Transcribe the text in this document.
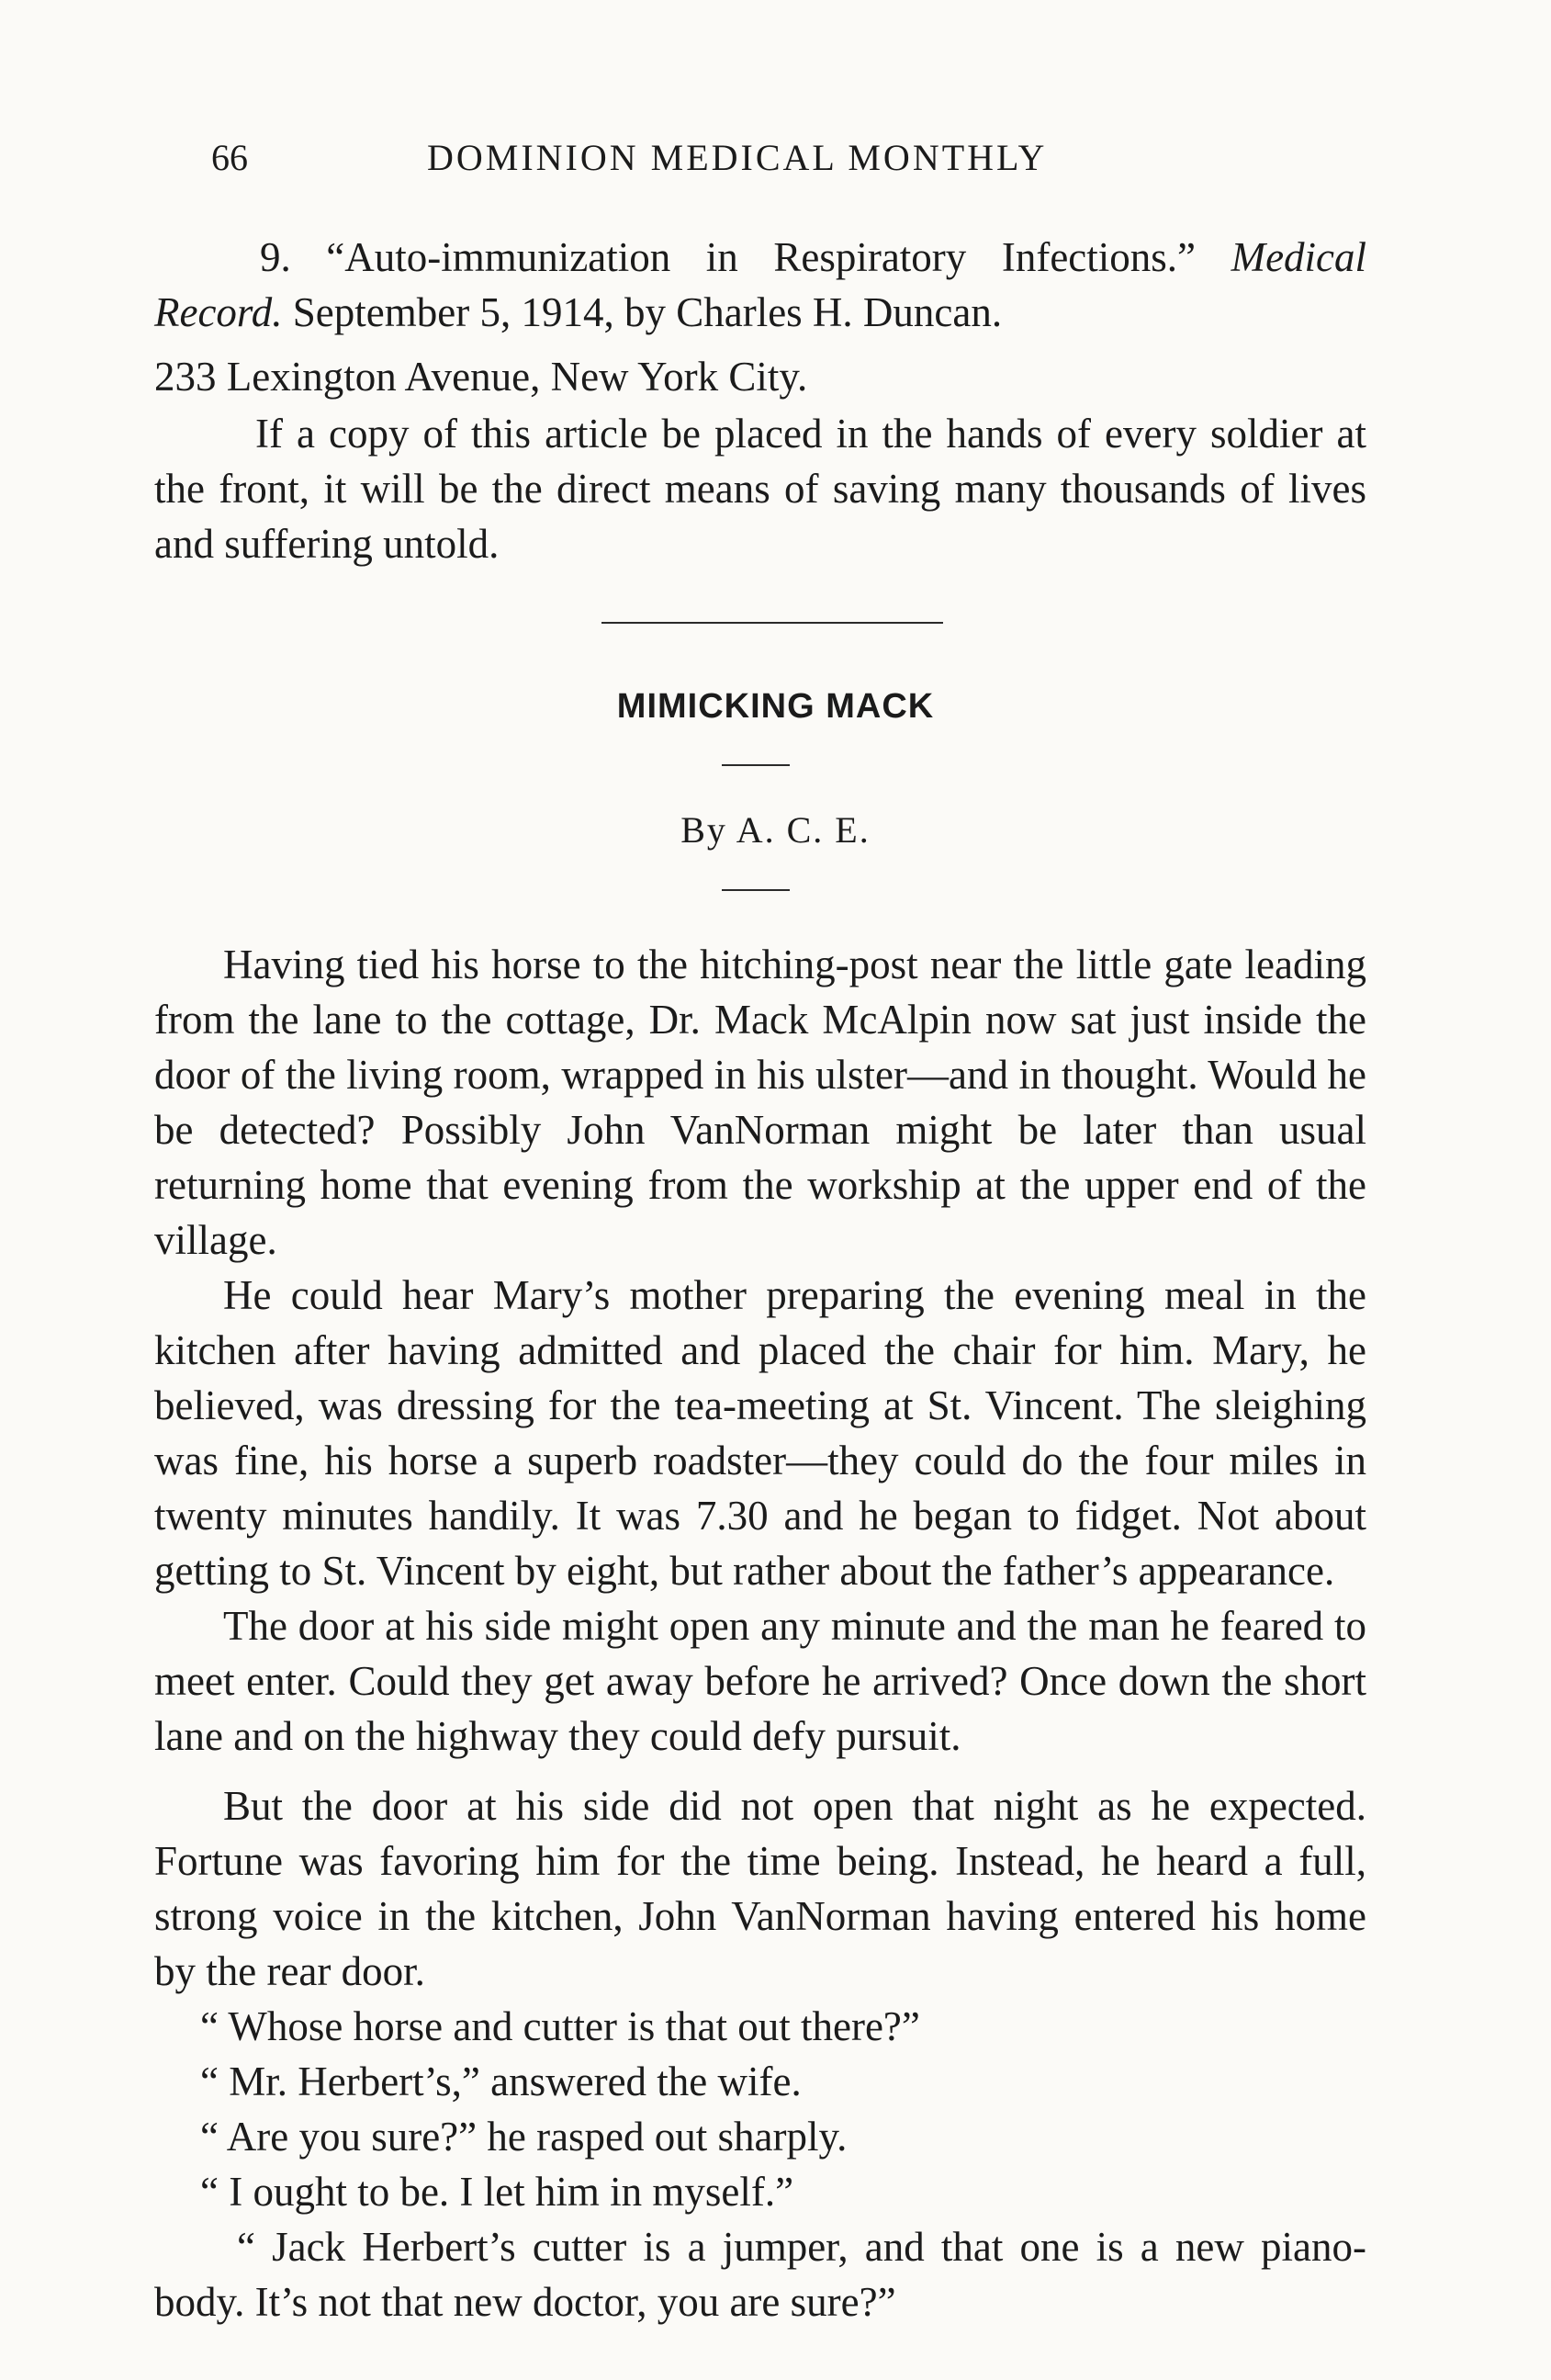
66	DOMINION MEDICAL MONTHLY

9. “Auto-immunization in Respiratory Infections.” Medical Record. September 5, 1914, by Charles H. Duncan.

233 Lexington Avenue, New York City.

If a copy of this article be placed in the hands of every soldier at the front, it will be the direct means of saving many thousands of lives and suffering untold.

MIMICKING MACK
By A. C. E.

Having tied his horse to the hitching-post near the little gate leading from the lane to the cottage, Dr. Mack McAlpin now sat just inside the door of the living room, wrapped in his ulster—and in thought. Would he be detected? Possibly John VanNorman might be later than usual returning home that evening from the workship at the upper end of the village.

He could hear Mary’s mother preparing the evening meal in the kitchen after having admitted and placed the chair for him. Mary, he believed, was dressing for the tea-meeting at St. Vincent. The sleighing was fine, his horse a superb roadster—they could do the four miles in twenty minutes handily. It was 7.30 and he began to fidget. Not about getting to St. Vincent by eight, but rather about the father’s appearance.

The door at his side might open any minute and the man he feared to meet enter. Could they get away before he arrived? Once down the short lane and on the highway they could defy pursuit.

But the door at his side did not open that night as he expected. Fortune was favoring him for the time being. Instead, he heard a full, strong voice in the kitchen, John VanNorman having entered his home by the rear door.

“ Whose horse and cutter is that out there?”

“ Mr. Herbert’s,” answered the wife.

“ Are you sure?” he rasped out sharply.

“ I ought to be. I let him in myself.”

“ Jack Herbert’s cutter is a jumper, and that one is a new piano-body. It’s not that new doctor, you are sure?”
